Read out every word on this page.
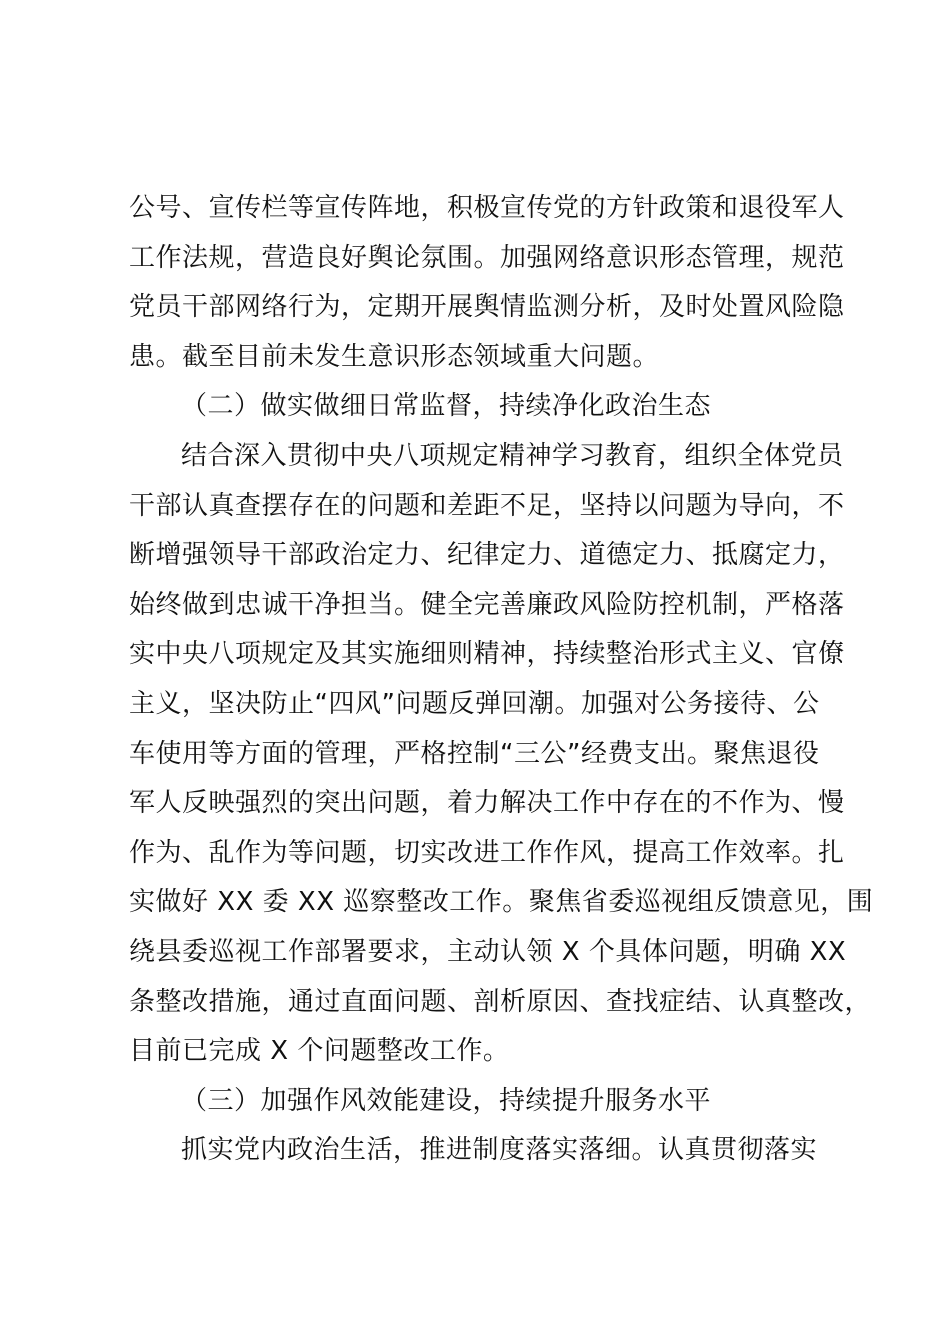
公号、宣传栏等宣传阵地，积极宣传党的方针政策和退役军人
工作法规，营造良好舆论氛围。加强网络意识形态管理，规范
党员干部网络行为，定期开展舆情监测分析，及时处置风险隐
患。截至目前未发生意识形态领域重大问题。
（二）做实做细日常监督，持续净化政治生态
结合深入贯彻中央八项规定精神学习教育，组织全体党员
干部认真查摆存在的问题和差距不足，坚持以问题为导向，不
断增强领导干部政治定力、纪律定力、道德定力、抵腐定力，
始终做到忠诚干净担当。健全完善廉政风险防控机制，严格落
实中央八项规定及其实施细则精神，持续整治形式主义、官僚
主义，坚决防止“四风”问题反弹回潮。加强对公务接待、公
车使用等方面的管理，严格控制“三公”经费支出。聚焦退役
军人反映强烈的突出问题，着力解决工作中存在的不作为、慢
作为、乱作为等问题，切实改进工作作风，提高工作效率。扎
实做好 XX 委 XX 巡察整改工作。聚焦省委巡视组反馈意见，围
绕县委巡视工作部署要求，主动认领 X 个具体问题，明确 XX
条整改措施，通过直面问题、剖析原因、查找症结、认真整改，
目前已完成 X 个问题整改工作。
（三）加强作风效能建设，持续提升服务水平
抓实党内政治生活，推进制度落实落细。认真贯彻落实
